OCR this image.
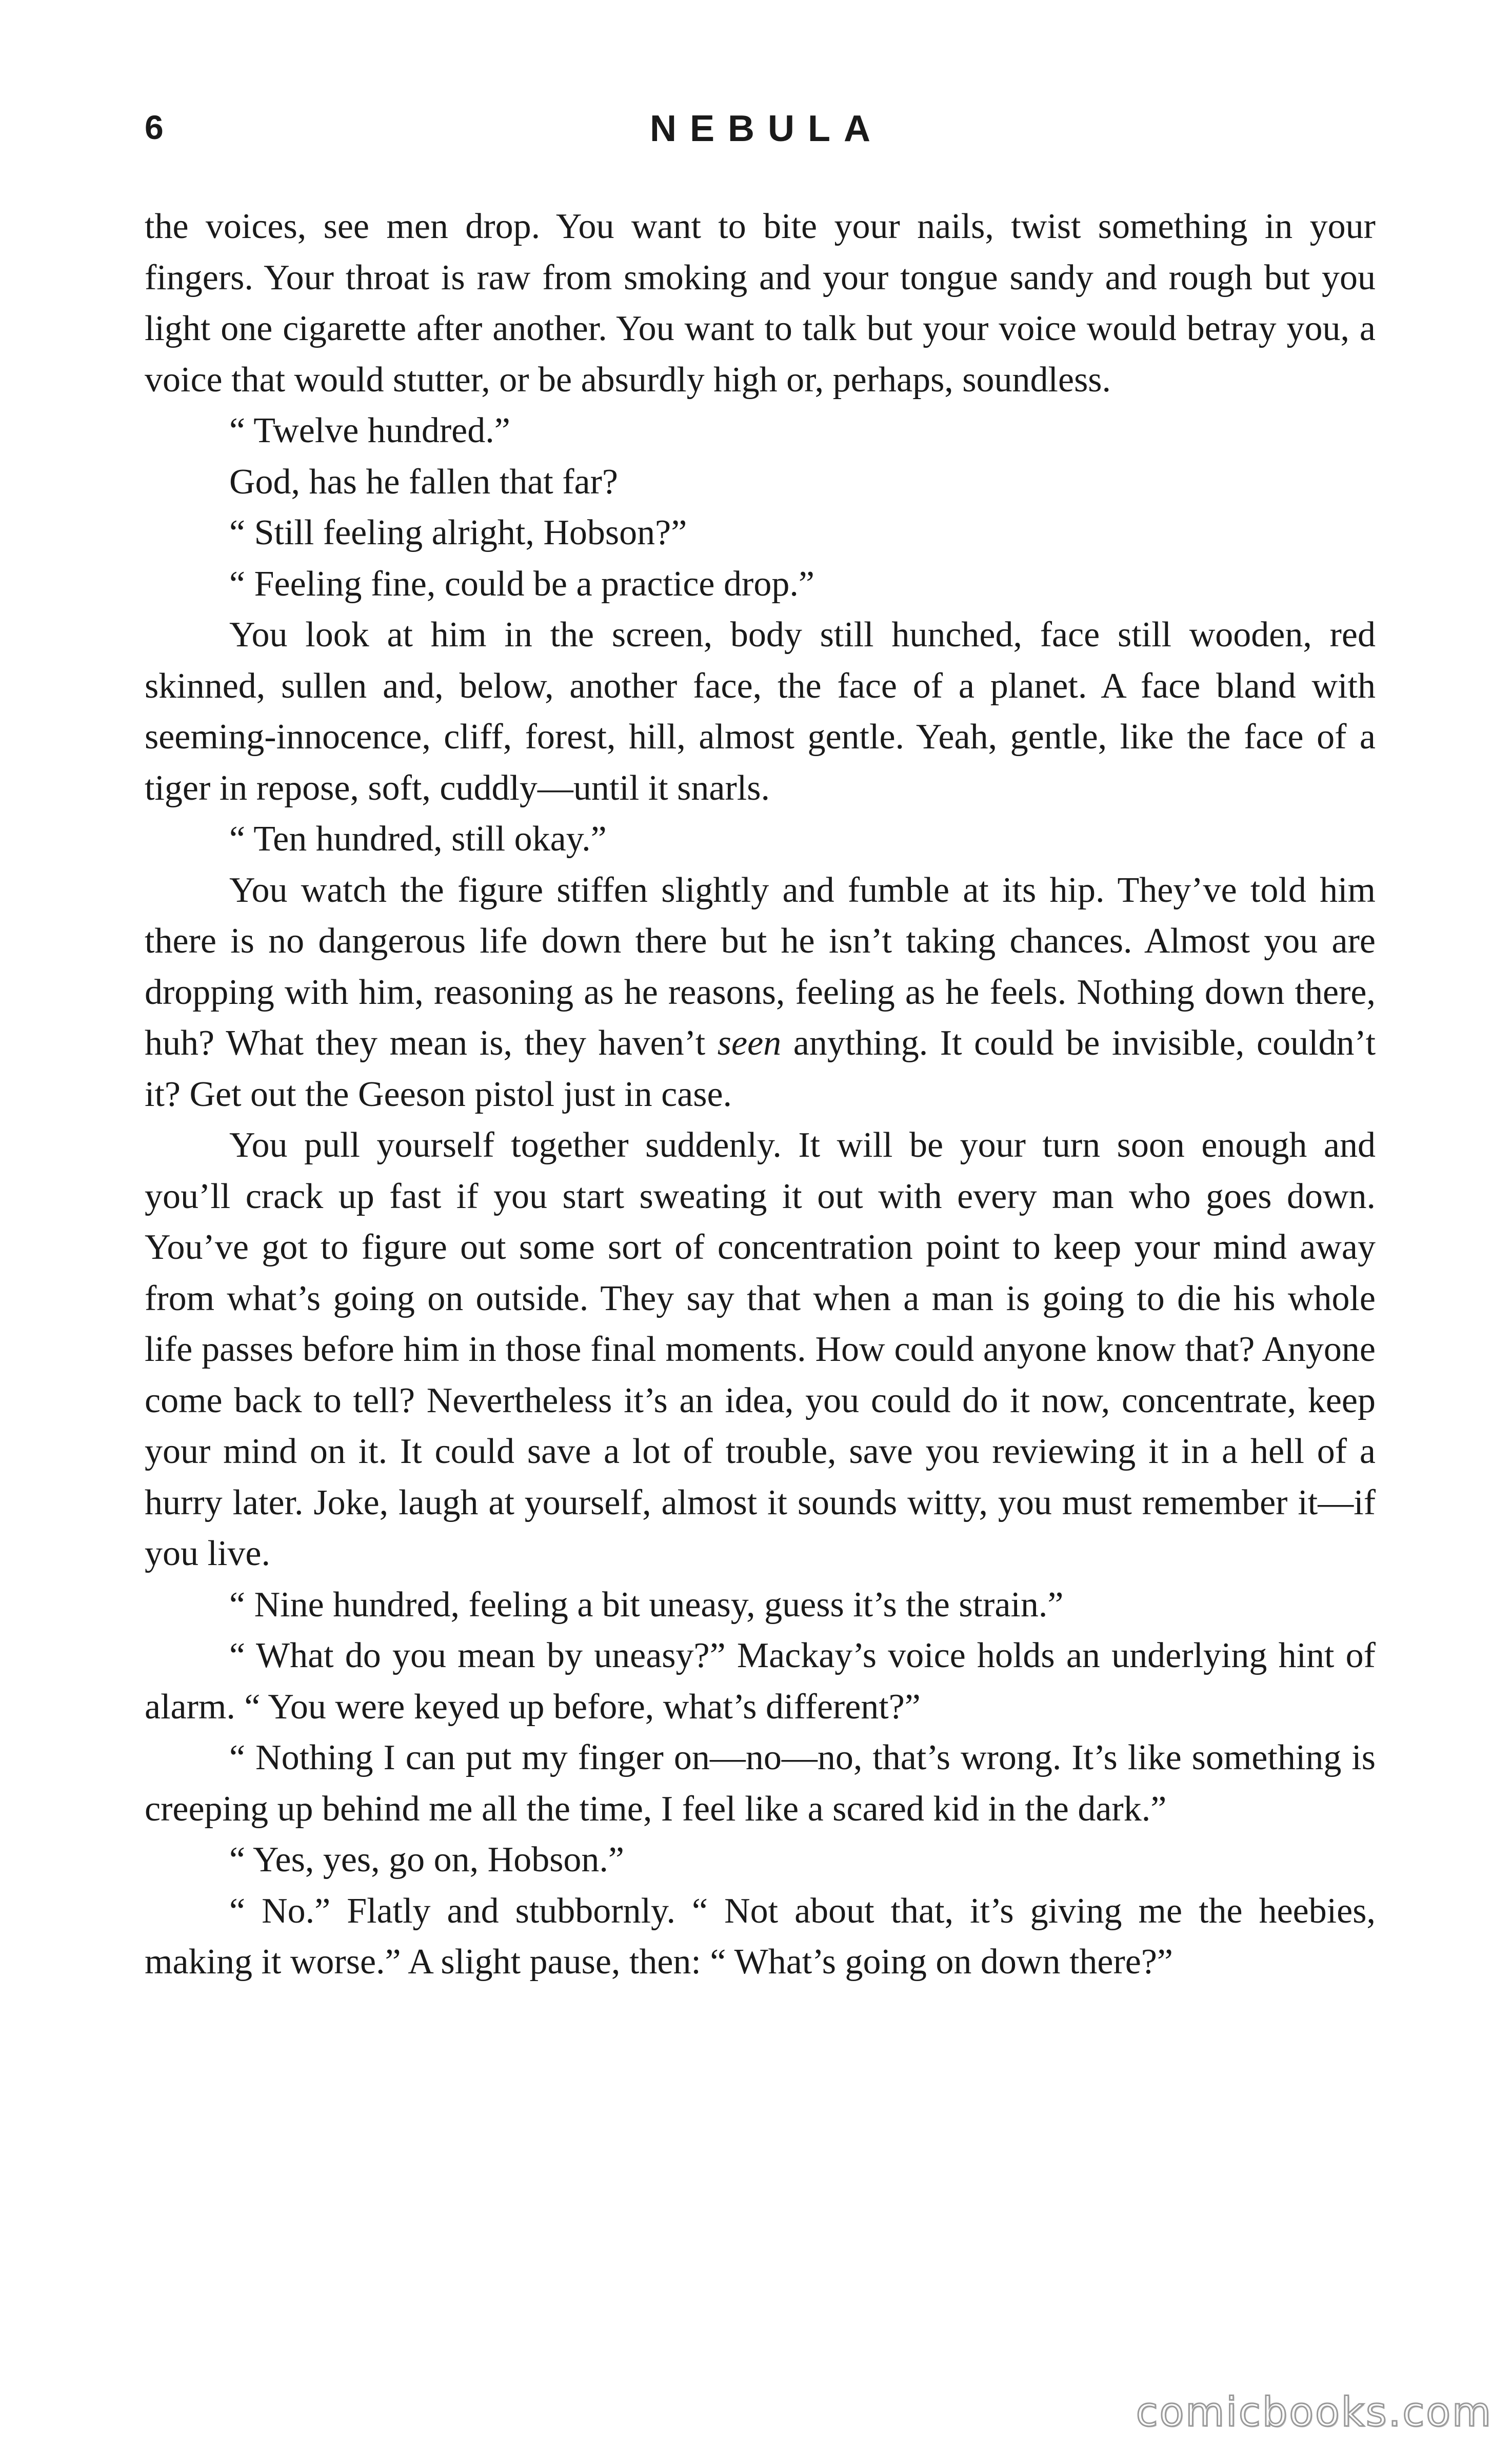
6	NEBULA

the voices, see men drop. You want to bite your nails, twist something in your fingers. Your throat is raw from smoking and your tongue sandy and rough but you light one cigarette after another. You want to talk but your voice would betray you, a voice that would stutter, or be absurdly high or, perhaps, soundless.

“ Twelve hundred.”

God, has he fallen that far?

“ Still feeling alright, Hobson?”

“ Feeling fine, could be a practice drop.”

You look at him in the screen, body still hunched, face still wooden, red skinned, sullen and, below, another face, the face of a planet. A face bland with seeming-innocence, cliff, forest, hill, almost gentle. Yeah, gentle, like the face of a tiger in repose, soft, cuddly—until it snarls.

“ Ten hundred, still okay.”

You watch the figure stiffen slightly and fumble at its hip. They’ve told him there is no dangerous life down there but he isn’t taking chances. Almost you are dropping with him, reasoning as he reasons, feeling as he feels. Nothing down there, huh? What they mean is, they haven’t seen anything. It could be invisible, couldn’t it? Get out the Geeson pistol just in case.

You pull yourself together suddenly. It will be your turn soon enough and you’ll crack up fast if you start sweating it out with every man who goes down. You’ve got to figure out some sort of concentration point to keep your mind away from what’s going on outside. They say that when a man is going to die his whole life passes before him in those final moments. How could anyone know that? Anyone come back to tell? Nevertheless it’s an idea, you could do it now, concentrate, keep your mind on it. It could save a lot of trouble, save you reviewing it in a hell of a hurry later. Joke, laugh at yourself, almost it sounds witty, you must remember it—if you live.

“ Nine hundred, feeling a bit uneasy, guess it’s the strain.”

“ What do you mean by uneasy?” Mackay’s voice holds an underlying hint of alarm. “ You were keyed up before, what’s different?”

“ Nothing I can put my finger on—no—no, that’s wrong. It’s like something is creeping up behind me all the time, I feel like a scared kid in the dark.”

“ Yes, yes, go on, Hobson.”

“ No.” Flatly and stubbornly. “ Not about that, it’s giving me the heebies, making it worse.” A slight pause, then: “ What’s going on down there?”

comicbooks.com
